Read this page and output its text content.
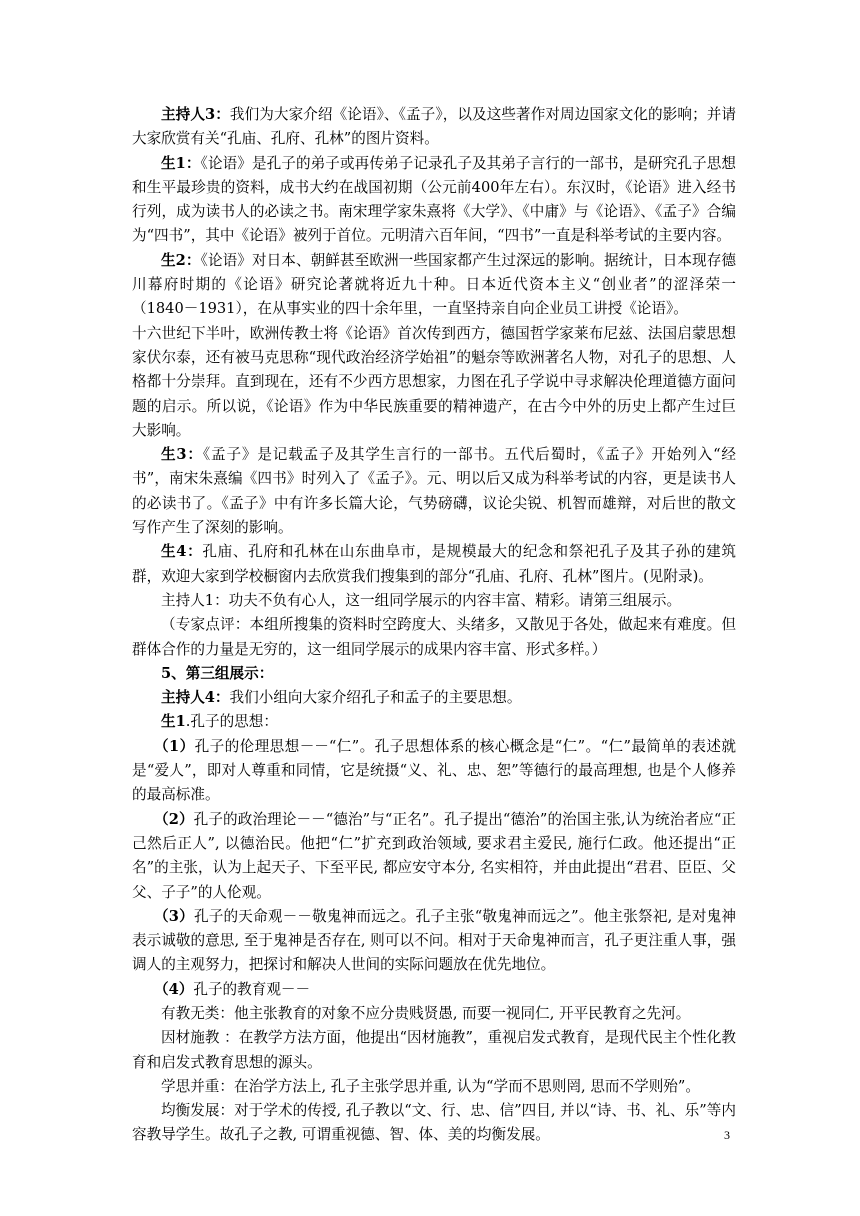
主持人3：我们为大家介绍《论语》、《孟子》，以及这些著作对周边国家文化的影响；并请大家欣赏有关“孔庙、孔府、孔林”的图片资料。

生1：《论语》是孔子的弟子或再传弟子记录孔子及其弟子言行的一部书，是研究孔子思想和生平最珍贵的资料，成书大约在战国初期（公元前400年左右）。东汉时，《论语》进入经书行列，成为读书人的必读之书。南宋理学家朱熹将《大学》、《中庸》与《论语》、《孟子》合编为“四书”，其中《论语》被列于首位。元明清六百年间，“四书”一直是科举考试的主要内容。

生2：《论语》对日本、朝鲜甚至欧洲一些国家都产生过深远的影响。据统计，日本现存德川幕府时期的《论语》研究论著就将近九十种。日本近代资本主义“创业者”的涩泽荣一（1840－1931），在从事实业的四十余年里，一直坚持亲自向企业员工讲授《论语》。

十六世纪下半叶，欧洲传教士将《论语》首次传到西方，德国哲学家莱布尼兹、法国启蒙思想家伏尔泰，还有被马克思称“现代政治经济学始祖”的魁奈等欧洲著名人物，对孔子的思想、人格都十分崇拜。直到现在，还有不少西方思想家，力图在孔子学说中寻求解决伦理道德方面问题的启示。所以说，《论语》作为中华民族重要的精神遗产，在古今中外的历史上都产生过巨大影响。

生3：《孟子》是记载孟子及其学生言行的一部书。五代后蜀时，《孟子》开始列入“经书”，南宋朱熹编《四书》时列入了《孟子》。元、明以后又成为科举考试的内容，更是读书人的必读书了。《孟子》中有许多长篇大论，气势磅礴，议论尖锐、机智而雄辩，对后世的散文写作产生了深刻的影响。

生4：孔庙、孔府和孔林在山东曲阜市，是规模最大的纪念和祭祀孔子及其子孙的建筑群，欢迎大家到学校橱窗内去欣赏我们搜集到的部分“孔庙、孔府、孔林”图片。(见附录)。

主持人1：功夫不负有心人，这一组同学展示的内容丰富、精彩。请第三组展示。

（专家点评：本组所搜集的资料时空跨度大、头绪多，又散见于各处，做起来有难度。但群体合作的力量是无穷的，这一组同学展示的成果内容丰富、形式多样。）

5、第三组展示：

主持人4：我们小组向大家介绍孔子和孟子的主要思想。

生1.孔子的思想：

（1）孔子的伦理思想－－“仁”。孔子思想体系的核心概念是“仁”。“仁”最简单的表述就是“爱人”，即对人尊重和同情，它是统摄“义、礼、忠、恕”等德行的最高理想, 也是个人修养的最高标准。

（2）孔子的政治理论－－“德治”与“正名”。孔子提出“德治”的治国主张,认为统治者应“正己然后正人”, 以德治民。他把“仁”扩充到政治领域, 要求君主爱民, 施行仁政。他还提出“正名”的主张，认为上起天子、下至平民, 都应安守本分, 名实相符，并由此提出“君君、臣臣、父父、子子”的人伦观。

（3）孔子的天命观－－敬鬼神而远之。孔子主张“敬鬼神而远之”。他主张祭祀, 是对鬼神表示诚敬的意思, 至于鬼神是否存在, 则可以不问。相对于天命鬼神而言，孔子更注重人事，强调人的主观努力，把探讨和解决人世间的实际问题放在优先地位。

（4）孔子的教育观－－

有教无类：他主张教育的对象不应分贵贱贤愚, 而要一视同仁, 开平民教育之先河。

因材施教 ：在教学方法方面，他提出“因材施教”，重视启发式教育，是现代民主个性化教育和启发式教育思想的源头。

学思并重：在治学方法上, 孔子主张学思并重, 认为“学而不思则罔, 思而不学则殆”。

均衡发展：对于学术的传授, 孔子教以“文、行、忠、信”四目, 并以“诗、书、礼、乐”等内容教导学生。故孔子之教, 可谓重视德、智、体、美的均衡发展。	3
